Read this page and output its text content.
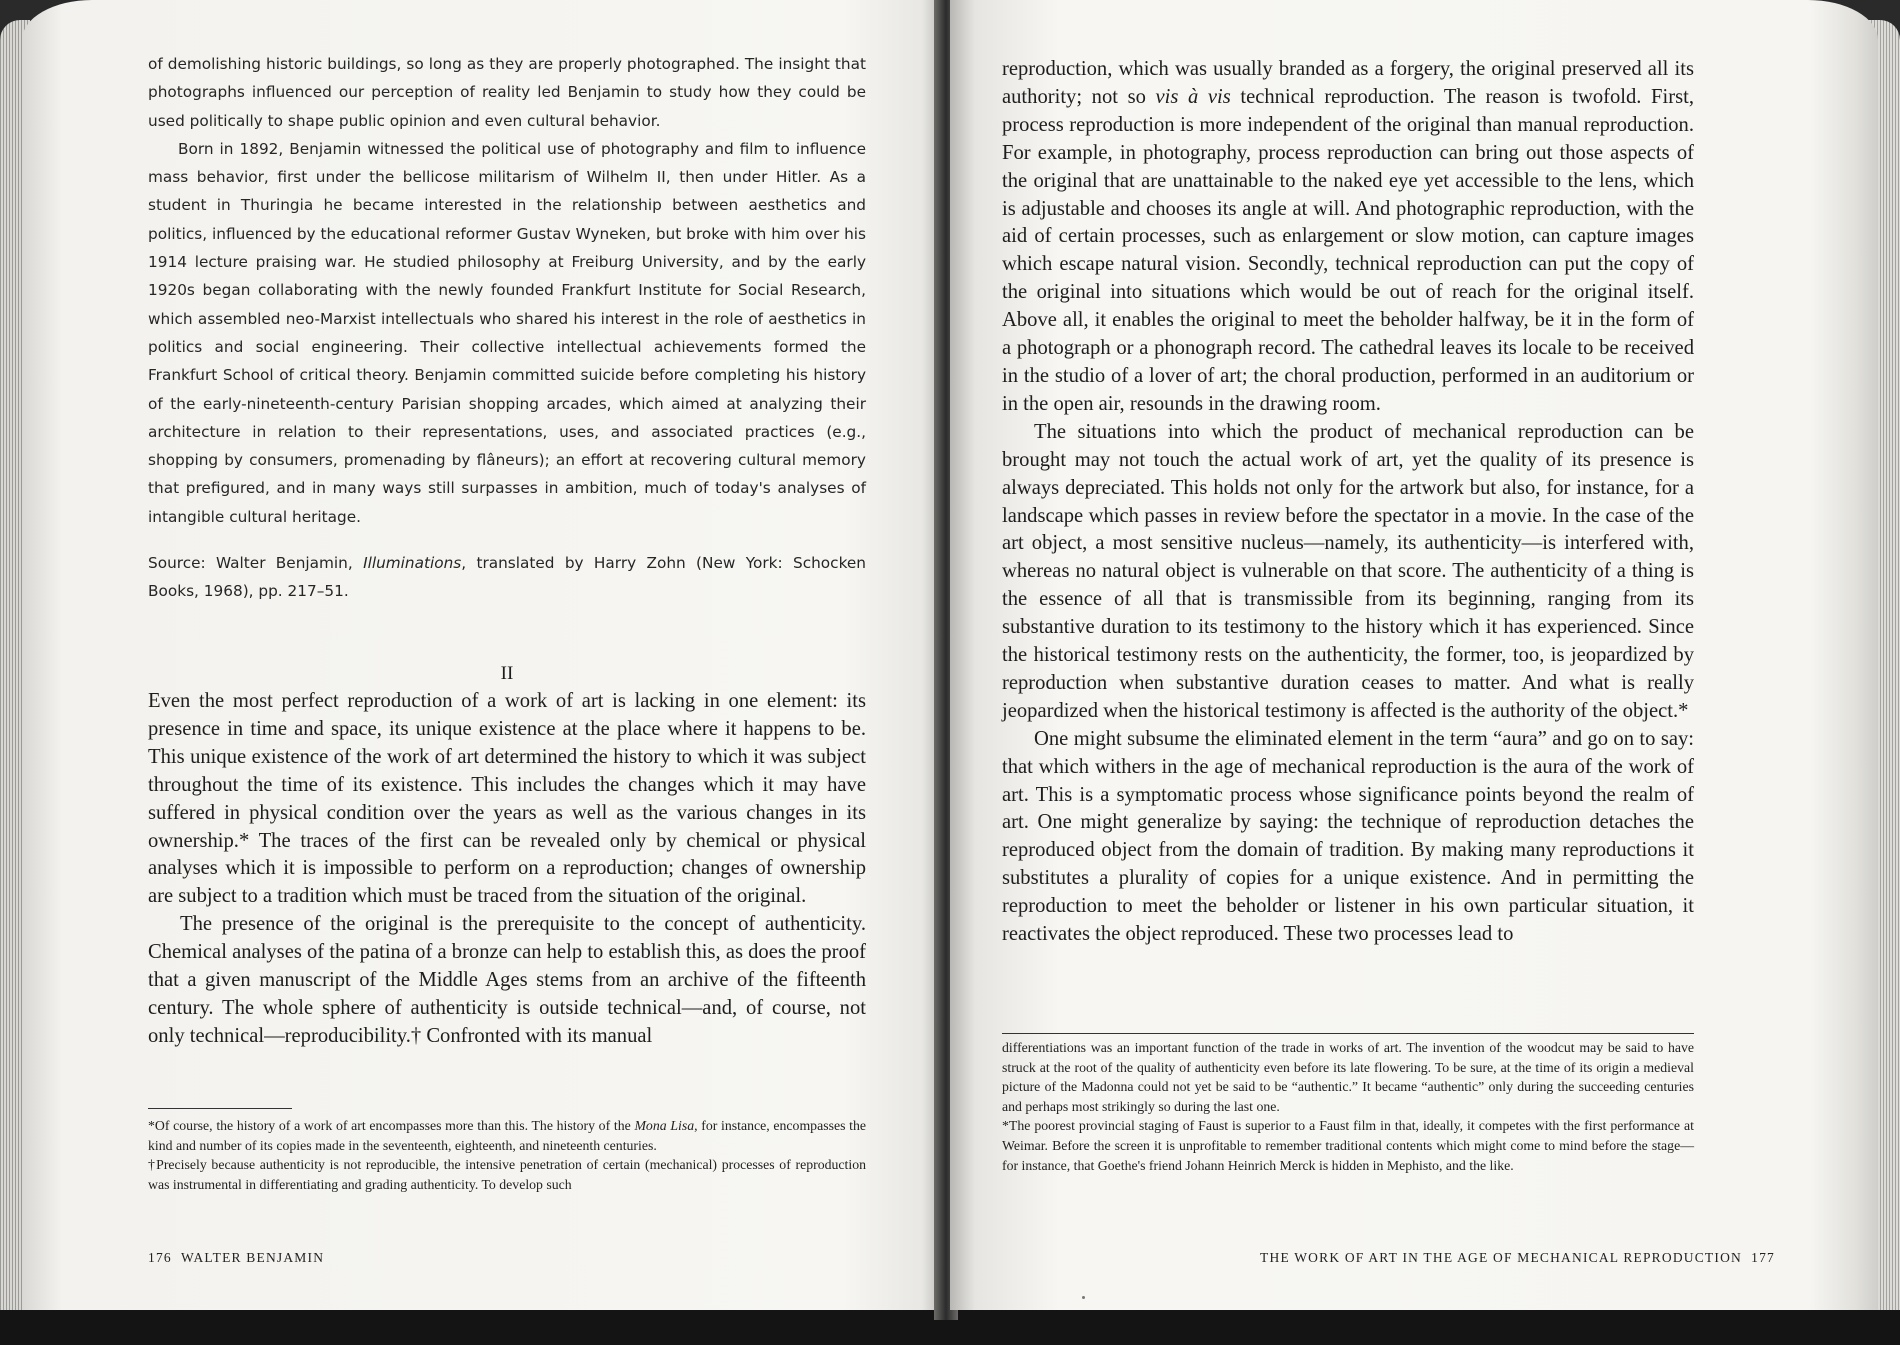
of demolishing historic buildings, so long as they are properly photographed. The insight that photographs influenced our perception of reality led Benjamin to study how they could be used politically to shape public opinion and even cultural behavior.

Born in 1892, Benjamin witnessed the political use of photography and film to influence mass behavior, first under the bellicose militarism of Wilhelm II, then under Hitler. As a student in Thuringia he became interested in the relationship between aesthetics and politics, influenced by the educational reformer Gustav Wyneken, but broke with him over his 1914 lecture praising war. He studied philosophy at Freiburg University, and by the early 1920s began collaborating with the newly founded Frankfurt Institute for Social Research, which assembled neo-Marxist intellectuals who shared his interest in the role of aesthetics in politics and social engineering. Their collective intellectual achievements formed the Frankfurt School of critical theory. Benjamin committed suicide before completing his history of the early-nineteenth-century Parisian shopping arcades, which aimed at analyzing their architecture in relation to their representations, uses, and associated practices (e.g., shopping by consumers, promenading by flâneurs); an effort at recovering cultural memory that prefigured, and in many ways still surpasses in ambition, much of today's analyses of intangible cultural heritage.

Source: Walter Benjamin, Illuminations, translated by Harry Zohn (New York: Schocken Books, 1968), pp. 217–51.

II

Even the most perfect reproduction of a work of art is lacking in one element: its presence in time and space, its unique existence at the place where it happens to be. This unique existence of the work of art determined the history to which it was subject throughout the time of its existence. This includes the changes which it may have suffered in physical condition over the years as well as the various changes in its ownership.* The traces of the first can be revealed only by chemical or physical analyses which it is impossible to perform on a reproduction; changes of ownership are subject to a tradition which must be traced from the situation of the original.

The presence of the original is the prerequisite to the concept of authenticity. Chemical analyses of the patina of a bronze can help to establish this, as does the proof that a given manuscript of the Middle Ages stems from an archive of the fifteenth century. The whole sphere of authenticity is outside technical—and, of course, not only technical—reproducibility.† Confronted with its manual

*Of course, the history of a work of art encompasses more than this. The history of the Mona Lisa, for instance, encompasses the kind and number of its copies made in the seventeenth, eighteenth, and nineteenth centuries.

†Precisely because authenticity is not reproducible, the intensive penetration of certain (mechanical) processes of reproduction was instrumental in differentiating and grading authenticity. To develop such

176 WALTER BENJAMIN

reproduction, which was usually branded as a forgery, the original preserved all its authority; not so vis à vis technical reproduction. The reason is twofold. First, process reproduction is more independent of the original than manual reproduction. For example, in photography, process reproduction can bring out those aspects of the original that are unattainable to the naked eye yet accessible to the lens, which is adjustable and chooses its angle at will. And photographic reproduction, with the aid of certain processes, such as enlargement or slow motion, can capture images which escape natural vision. Secondly, technical reproduction can put the copy of the original into situations which would be out of reach for the original itself. Above all, it enables the original to meet the beholder halfway, be it in the form of a photograph or a phonograph record. The cathedral leaves its locale to be received in the studio of a lover of art; the choral production, performed in an auditorium or in the open air, resounds in the drawing room.

The situations into which the product of mechanical reproduction can be brought may not touch the actual work of art, yet the quality of its presence is always depreciated. This holds not only for the artwork but also, for instance, for a landscape which passes in review before the spectator in a movie. In the case of the art object, a most sensitive nucleus—namely, its authenticity—is interfered with, whereas no natural object is vulnerable on that score. The authenticity of a thing is the essence of all that is transmissible from its beginning, ranging from its substantive duration to its testimony to the history which it has experienced. Since the historical testimony rests on the authenticity, the former, too, is jeopardized by reproduction when substantive duration ceases to matter. And what is really jeopardized when the historical testimony is affected is the authority of the object.*

One might subsume the eliminated element in the term “aura” and go on to say: that which withers in the age of mechanical reproduction is the aura of the work of art. This is a symptomatic process whose significance points beyond the realm of art. One might generalize by saying: the technique of reproduction detaches the reproduced object from the domain of tradition. By making many reproductions it substitutes a plurality of copies for a unique existence. And in permitting the reproduction to meet the beholder or listener in his own particular situation, it reactivates the object reproduced. These two processes lead to

differentiations was an important function of the trade in works of art. The invention of the woodcut may be said to have struck at the root of the quality of authenticity even before its late flowering. To be sure, at the time of its origin a medieval picture of the Madonna could not yet be said to be “authentic.” It became “authentic” only during the succeeding centuries and perhaps most strikingly so during the last one.

*The poorest provincial staging of Faust is superior to a Faust film in that, ideally, it competes with the first performance at Weimar. Before the screen it is unprofitable to remember traditional contents which might come to mind before the stage—for instance, that Goethe's friend Johann Heinrich Merck is hidden in Mephisto, and the like.

THE WORK OF ART IN THE AGE OF MECHANICAL REPRODUCTION 177
